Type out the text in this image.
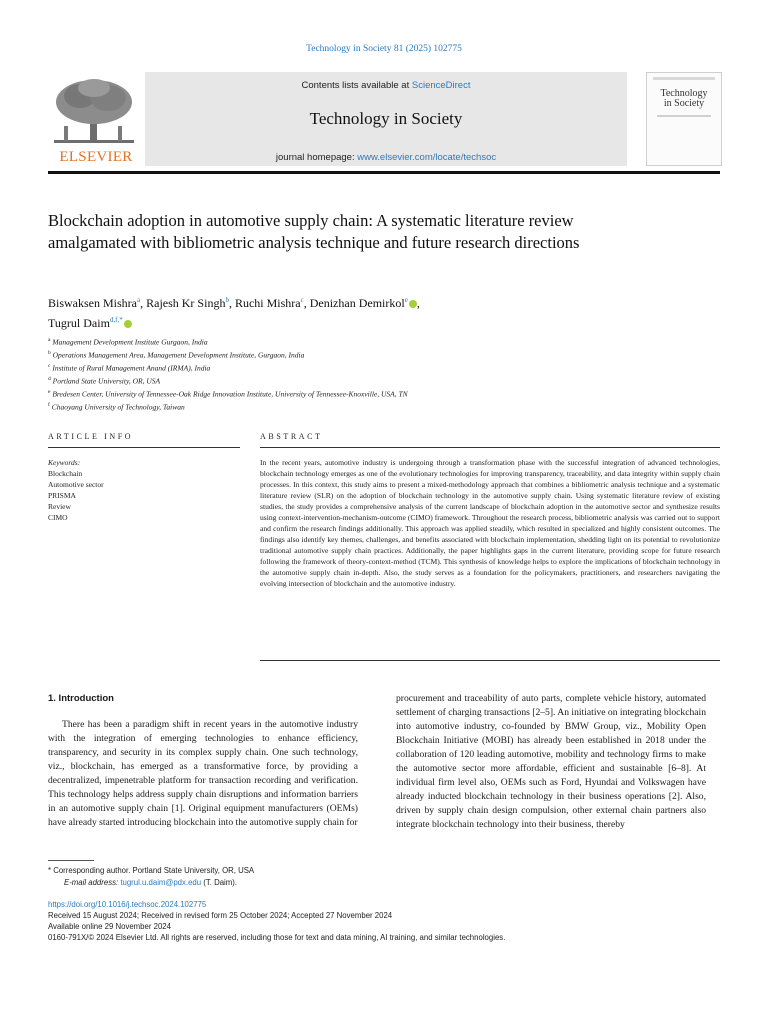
Technology in Society 81 (2025) 102775
ELSEVIER
Contents lists available at ScienceDirect
Technology in Society
journal homepage: www.elsevier.com/locate/techsoc
Technology
in Society
Blockchain adoption in automotive supply chain: A systematic literature review amalgamated with bibliometric analysis technique and future research directions
Biswaksen Mishra$^a$, Rajesh Kr Singh$^b$, Ruchi Mishra$^c$, Denizhan Demirkol$^e$ ,
Tugrul Daim$^{d,f,*}$
$^a$ Management Development Institute Gurgaon, India
$^b$ Operations Management Area, Management Development Institute, Gurgaon, India
$^c$ Institute of Rural Management Anand (IRMA), India
$^d$ Portland State University, OR, USA
$^e$ Bredesen Center, University of Tennessee-Oak Ridge Innovation Institute, University of Tennessee-Knoxville, USA, TN
$^f$ Chaoyang University of Technology, Taiwan
ARTICLE INFO	ABSTRACT
Keywords:
Blockchain
Automotive sector
PRISMA
Review
CIMO
In the recent years, automotive industry is undergoing through a transformation phase with the successful integration of advanced technologies, blockchain technology emerges as one of the evolutionary technologies for improving transparency, traceability, and data integrity within supply chain processes. In this context, this study aims to present a mixed-methodology approach that combines a bibliometric analysis technique and a systematic literature review (SLR) on the adoption of blockchain technology in the automotive supply chain. Using systematic literature review of existing studies, the study provides a comprehensive analysis of the current landscape of blockchain adoption in the automotive sector and synthesize results using context-intervention-mechanism-outcome (CIMO) framework. Throughout the research process, bibliometric analysis was carried out to support and confirm the research findings additionally. This approach was applied steadily, which resulted in specialized and highly consistent outcomes. The findings also identify key themes, challenges, and benefits associated with blockchain implementation, shedding light on its potential to revolutionize traditional automotive supply chain practices. Additionally, the paper highlights gaps in the current literature, providing scope for future research following the framework of theory-context-method (TCM). This synthesis of knowledge helps to explore the implications of blockchain technology in the automotive supply chain in-depth. Also, the study serves as a foundation for the policymakers, practitioners, and researchers navigating the evolving intersection of blockchain and the automotive industry.
1. Introduction

There has been a paradigm shift in recent years in the automotive industry with the integration of emerging technologies to enhance efficiency, transparency, and security in its complex supply chain. One such technology, viz., blockchain, has emerged as a transformative force, by providing a decentralized, impenetrable platform for transaction recording and verification. This technology helps address supply chain disruptions and information barriers in an automotive supply chain [1]. Original equipment manufacturers (OEMs) have already started introducing blockchain into the automotive supply chain for

procurement and traceability of auto parts, complete vehicle history, automated settlement of charging transactions [2–5]. An initiative on integrating blockchain into automotive industry, co-founded by BMW Group, viz., Mobility Open Blockchain Initiative (MOBI) has already been established in 2018 under the collaboration of 120 leading automotive, mobility and technology firms to make the automotive sector more affordable, efficient and sustainable [6–8]. At individual firm level also, OEMs such as Ford, Hyundai and Volkswagen have already inducted blockchain technology in their business operations [2]. Also, driven by supply chain design compulsion, other external chain partners also integrate blockchain technology into their business, thereby

* Corresponding author. Portland State University, OR, USA
E-mail address: tugrul.u.daim@pdx.edu (T. Daim).
https://doi.org/10.1016/j.techsoc.2024.102775
Received 15 August 2024; Received in revised form 25 October 2024; Accepted 27 November 2024
Available online 29 November 2024
0160-791X/© 2024 Elsevier Ltd. All rights are reserved, including those for text and data mining, AI training, and similar technologies.
